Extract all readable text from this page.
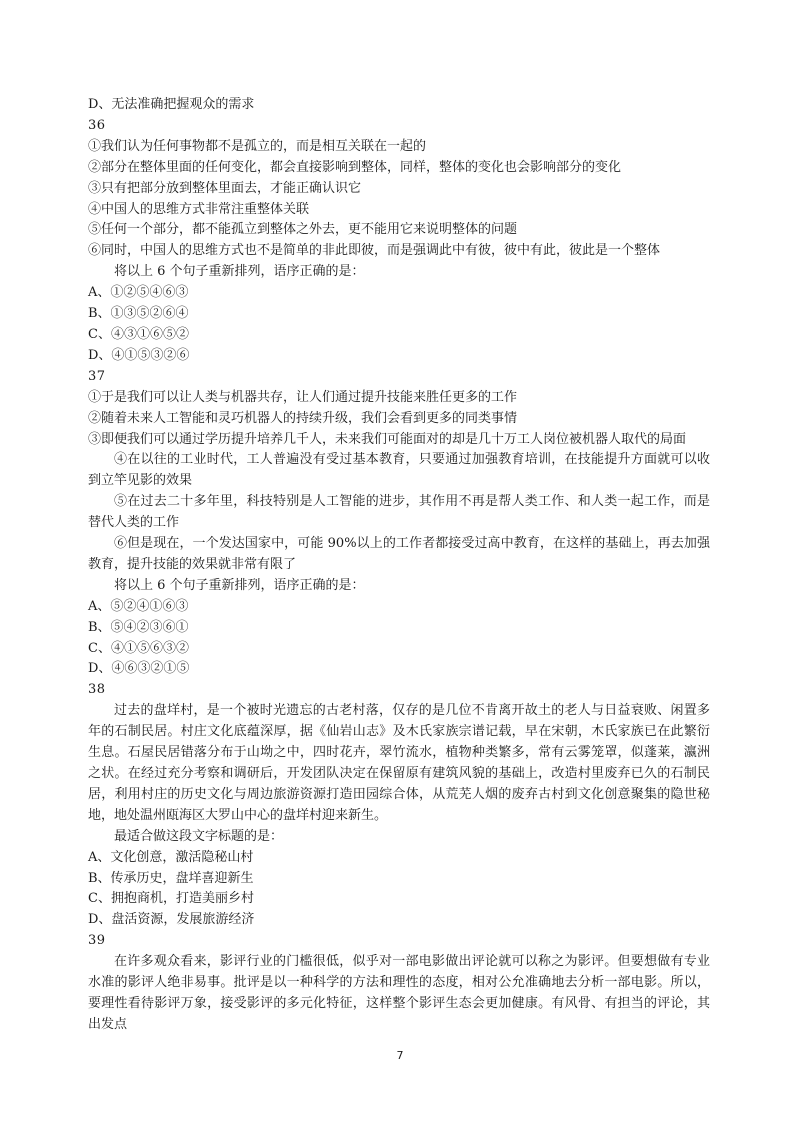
D、无法准确把握观众的需求
36
①我们认为任何事物都不是孤立的，而是相互关联在一起的
②部分在整体里面的任何变化，都会直接影响到整体，同样，整体的变化也会影响部分的变化
③只有把部分放到整体里面去，才能正确认识它
④中国人的思维方式非常注重整体关联
⑤任何一个部分，都不能孤立到整体之外去，更不能用它来说明整体的问题
⑥同时，中国人的思维方式也不是简单的非此即彼，而是强调此中有彼，彼中有此，彼此是一个整体
将以上 6 个句子重新排列，语序正确的是：
A、①②⑤④⑥③
B、①③⑤②⑥④
C、④③①⑥⑤②
D、④①⑤③②⑥
37
①于是我们可以让人类与机器共存，让人们通过提升技能来胜任更多的工作
②随着未来人工智能和灵巧机器人的持续升级，我们会看到更多的同类事情
③即便我们可以通过学历提升培养几千人，未来我们可能面对的却是几十万工人岗位被机器人取代的局面
④在以往的工业时代，工人普遍没有受过基本教育，只要通过加强教育培训，在技能提升方面就可以收到立竿见影的效果
⑤在过去二十多年里，科技特别是人工智能的进步，其作用不再是帮人类工作、和人类一起工作，而是替代人类的工作
⑥但是现在，一个发达国家中，可能 90%以上的工作者都接受过高中教育，在这样的基础上，再去加强教育，提升技能的效果就非常有限了
将以上 6 个句子重新排列，语序正确的是：
A、⑤②④①⑥③
B、⑤④②③⑥①
C、④①⑤⑥③②
D、④⑥③②①⑤
38
过去的盘垟村，是一个被时光遗忘的古老村落，仅存的是几位不肯离开故土的老人与日益衰败、闲置多年的石制民居。村庄文化底蕴深厚，据《仙岩山志》及木氏家族宗谱记载，早在宋朝，木氏家族已在此繁衍生息。石屋民居错落分布于山坳之中，四时花卉，翠竹流水，植物种类繁多，常有云雾笼罩，似蓬莱，瀛洲之状。在经过充分考察和调研后，开发团队决定在保留原有建筑风貌的基础上，改造村里废弃已久的石制民居，利用村庄的历史文化与周边旅游资源打造田园综合体，从荒芜人烟的废弃古村到文化创意聚集的隐世秘地，地处温州瓯海区大罗山中心的盘垟村迎来新生。
最适合做这段文字标题的是：
A、文化创意，激活隐秘山村
B、传承历史，盘垟喜迎新生
C、拥抱商机，打造美丽乡村
D、盘活资源，发展旅游经济
39
在许多观众看来，影评行业的门槛很低，似乎对一部电影做出评论就可以称之为影评。但要想做有专业水准的影评人绝非易事。批评是以一种科学的方法和理性的态度，相对公允准确地去分析一部电影。所以，要理性看待影评万象，接受影评的多元化特征，这样整个影评生态会更加健康。有风骨、有担当的评论，其出发点
7
